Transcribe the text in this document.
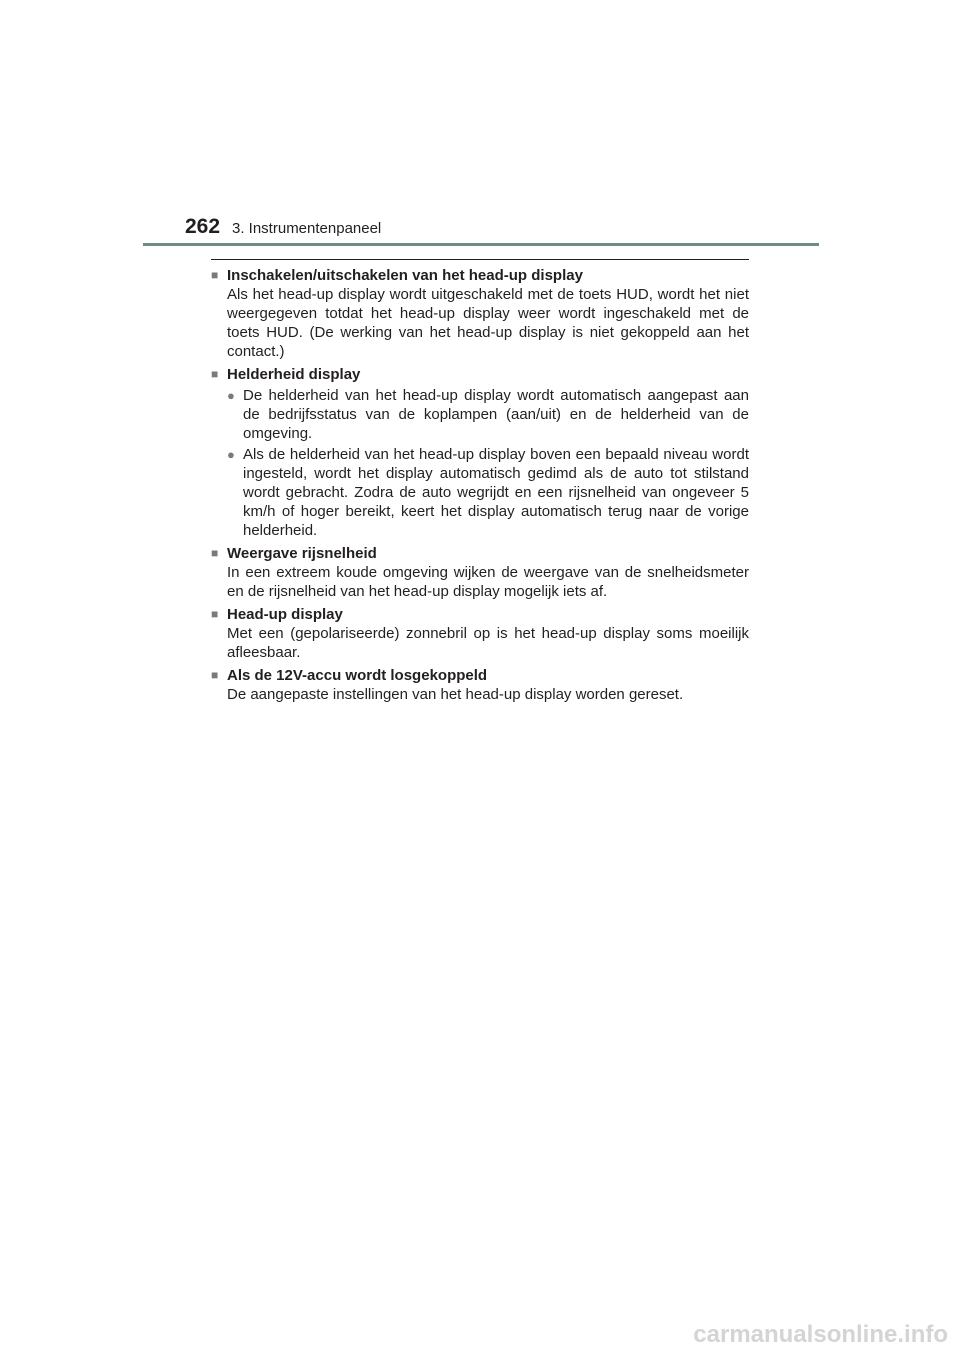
262 3. Instrumentenpaneel

■ Inschakelen/uitschakelen van het head-up display

Als het head-up display wordt uitgeschakeld met de toets HUD, wordt het niet weergegeven totdat het head-up display weer wordt ingeschakeld met de toets HUD. (De werking van het head-up display is niet gekoppeld aan het contact.)

■ Helderheid display

● De helderheid van het head-up display wordt automatisch aangepast aan de bedrijfsstatus van de koplampen (aan/uit) en de helderheid van de omgeving.
● Als de helderheid van het head-up display boven een bepaald niveau wordt ingesteld, wordt het display automatisch gedimd als de auto tot stilstand wordt gebracht. Zodra de auto wegrijdt en een rijsnelheid van ongeveer 5 km/h of hoger bereikt, keert het display automatisch terug naar de vorige helderheid.

■ Weergave rijsnelheid

In een extreem koude omgeving wijken de weergave van de snelheidsmeter en de rijsnelheid van het head-up display mogelijk iets af.

■ Head-up display

Met een (gepolariseerde) zonnebril op is het head-up display soms moeilijk afleesbaar.

■ Als de 12V-accu wordt losgekoppeld

De aangepaste instellingen van het head-up display worden gereset.

carmanualsonline.info
